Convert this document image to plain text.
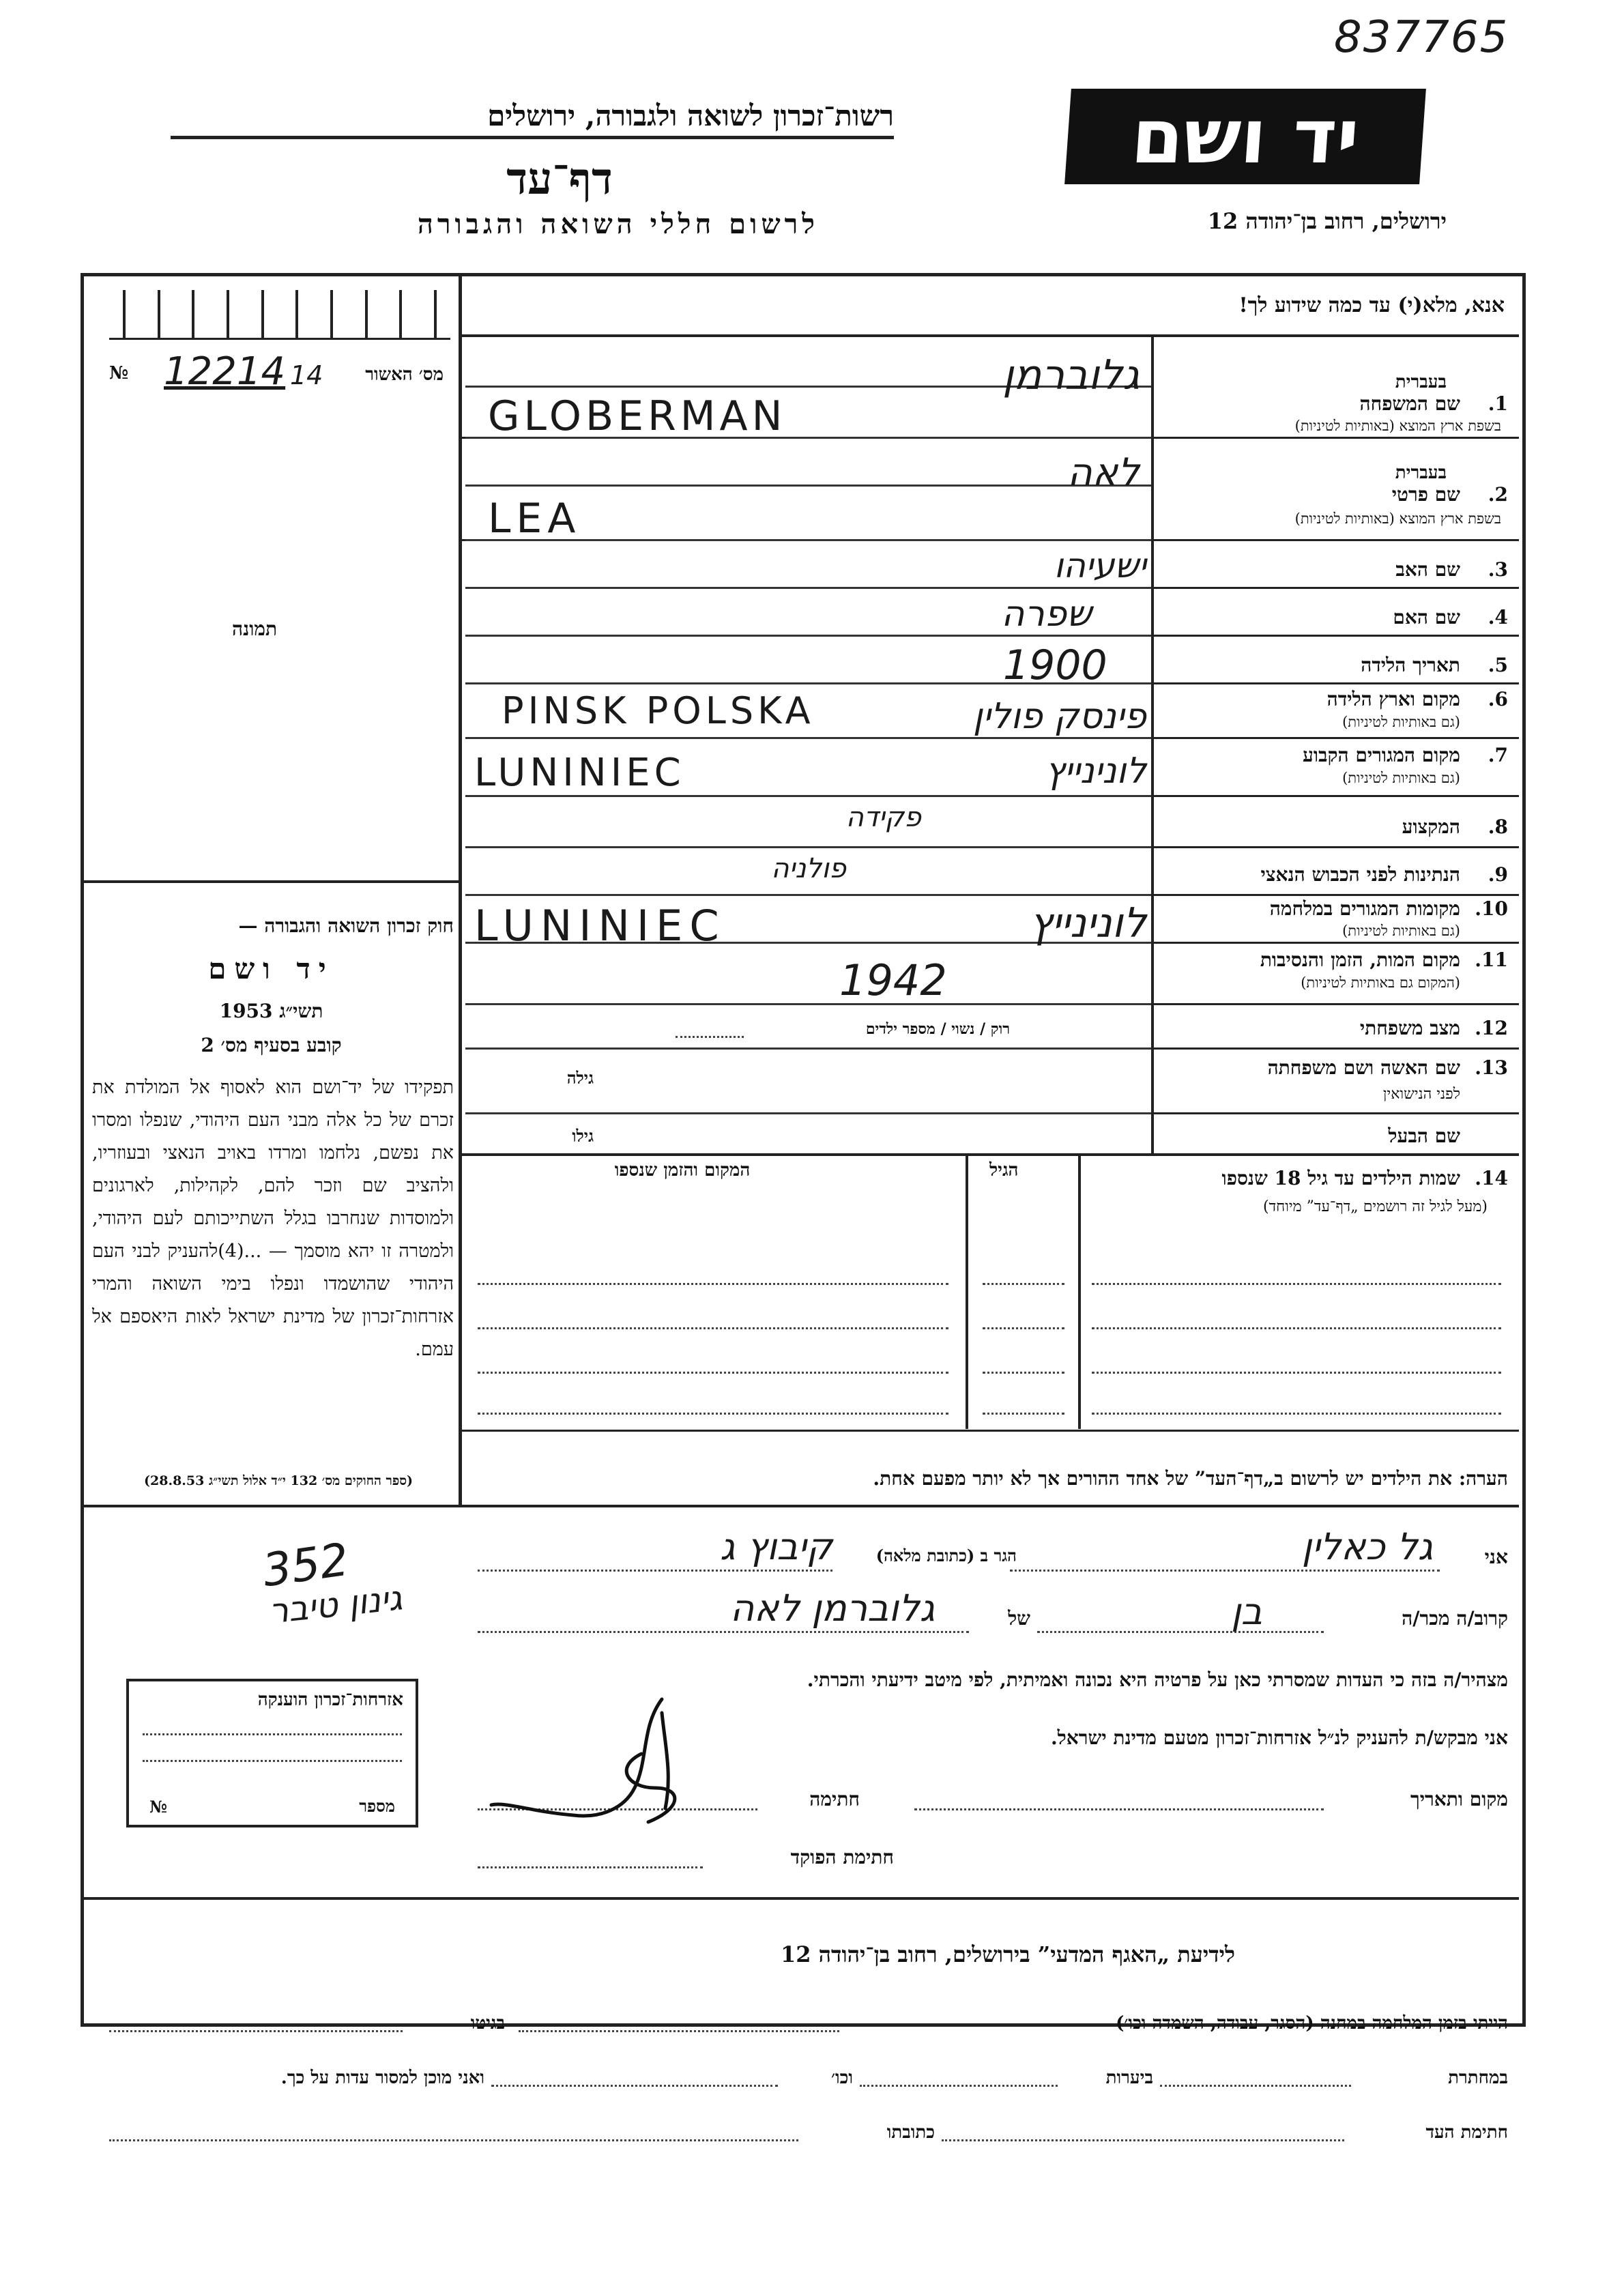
837765
רשות־זכרון לשואה ולגבורה, ירושלים
דף־עד
לרשום חללי השואה והגבורה
יד ושם
ירושלים, רחוב בן־יהודה 12
אנא, מלא(י) עד כמה שידוע לך!
№ 12214 14 מס׳ האשור
תמונה
חוק זכרון השואה והגבורה —
יד ושם
תשי״ג 1953
קובע בסעיף מס׳ 2
תפקידו של יד־ושם הוא לאסוף אל המולדת את זכרם של כל אלה מבני העם היהודי, שנפלו ומסרו את נפשם, נלחמו ומרדו באויב הנאצי ובעוזריו, ולהציב שם וזכר להם, לקהילות, לארגונים ולמוסדות שנחרבו בגלל השתייכותם לעם היהודי, ולמטרה זו יהא מוסמך — ...(4)להעניק לבני העם היהודי שהושמדו ונפלו בימי השואה והמרי אזרחות־זכרון של מדינת ישראל לאות היאספם אל עמם.
(ספר החוקים מס׳ 132 י״ד אלול תשי״ג 28.8.53)
בעברית
1.
שם המשפחה
בשפת ארץ המוצא (באותיות לטיניות)
בעברית
2.
שם פרטי
בשפת ארץ המוצא (באותיות לטיניות)
3.
שם האב
4.
שם האם
5.
תאריך הלידה
6.
מקום וארץ הלידה
(גם באותיות לטיניות)
7.
מקום המגורים הקבוע
(גם באותיות לטיניות)
8.
המקצוע
9.
הנתינות לפני הכבוש הנאצי
10.
מקומות המגורים במלחמה
(גם באותיות לטיניות)
11.
מקום המות, הזמן והנסיבות
(המקום גם באותיות לטיניות)
12.
מצב משפחתי
רוק / נשוי / מספר ילדים
13.
שם האשה ושם משפחתה
לפני הנישואין
גילה
שם הבעל
גילו
גלוברמן
GLOBERMAN
לאה
LEA
ישעיהו
שפרה
1900
פינסק פולין
PINSK POLSKA
לונינייץ
LUNINIEC
פקידה
פולניה
לונינייץ
LUNINIEC
1942
14.
שמות הילדים עד גיל 18 שנספו
(מעל לגיל זה רושמים „דף־עד” מיוחד)
הגיל
המקום והזמן שנספו
הערה: את הילדים יש לרשום ב„דף־העד” של אחד ההורים אך לא יותר מפעם אחת.
אני
גל כאלין
הגר ב (כתובת מלאה)
קיבוץ ג
קרוב/ה מכר/ה
בן
של
גלוברמן לאה
מצהיר/ה בזה כי העדות שמסרתי כאן על פרטיה היא נכונה ואמיתית, לפי מיטב ידיעתי והכרתי.
אני מבקש/ת להעניק לנ״ל אזרחות־זכרון מטעם מדינת ישראל.
מקום ותאריך
חתימה
חתימת הפוקד
352
גינון טיבר
אזרחות־זכרון הוענקה
№	מספר
לידיעת „האגף המדעי” בירושלים, רחוב בן־יהודה 12
הייתי בזמן המלחמה במחנה (הסגר, עבודה, השמדה וכו׳)
בגיטו
במחתרת
ביערות
וכו׳
ואני מוכן למסור עדות על כך.
חתימת העד
כתובתו
